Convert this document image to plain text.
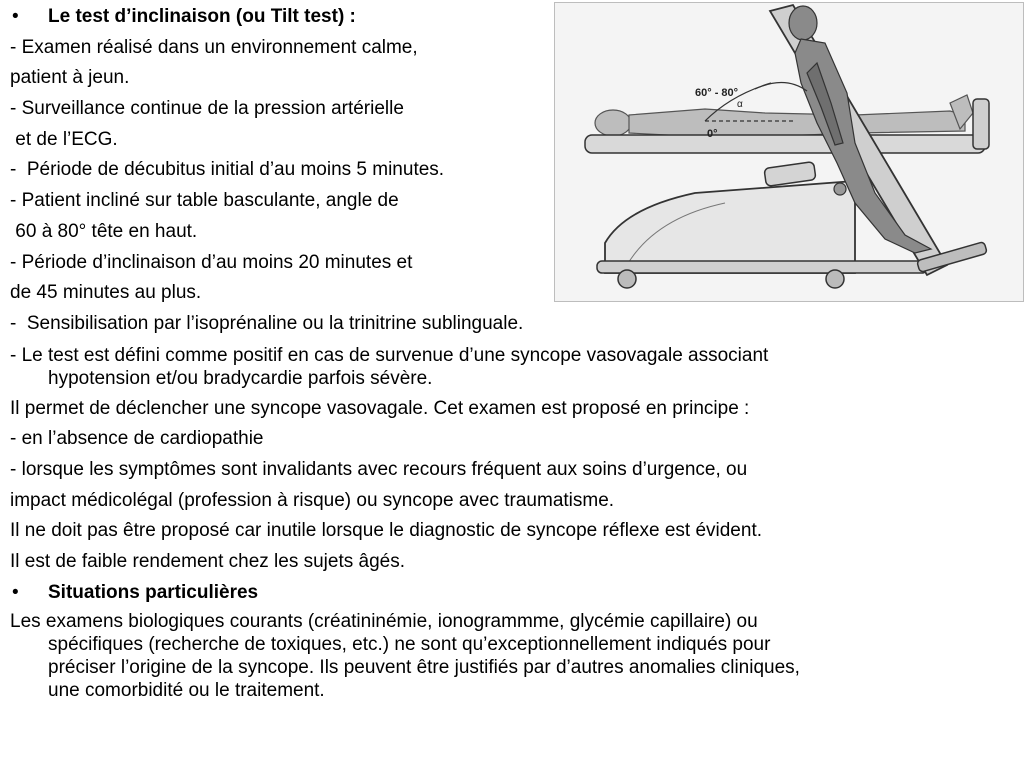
• Le test d’inclinaison (ou Tilt test) :
- Examen réalisé dans un environnement calme,
patient à jeun.
- Surveillance continue de la pression artérielle
et de l’ECG.
-  Période de décubitus initial d’au moins 5 minutes.
- Patient incliné sur table basculante, angle de
60 à 80° tête en haut.
- Période d’inclinaison d’au moins 20 minutes et
de 45 minutes au plus.
-  Sensibilisation par l’isoprénaline ou la trinitrine sublinguale.
- Le test est défini comme positif en cas de survenue d’une syncope vasovagale associant
hypotension et/ou bradycardie parfois sévère.
Il permet de déclencher une syncope vasovagale. Cet examen est proposé en principe :
- en l’absence de cardiopathie
- lorsque les symptômes sont invalidants avec recours fréquent aux soins d’urgence, ou
impact médicolégal (profession à risque) ou syncope avec traumatisme.
Il ne doit pas être proposé car inutile lorsque le diagnostic de syncope réflexe est évident.
Il est de faible rendement chez les sujets âgés.
• Situations particulières
Les examens biologiques courants (créatininémie, ionogrammme, glycémie capillaire) ou
spécifiques (recherche de toxiques, etc.) ne sont qu’exceptionnellement indiqués pour
préciser l’origine de la syncope. Ils peuvent être justifiés par d’autres anomalies cliniques,
une comorbidité ou le traitement.
60° - 80°
α
0°
